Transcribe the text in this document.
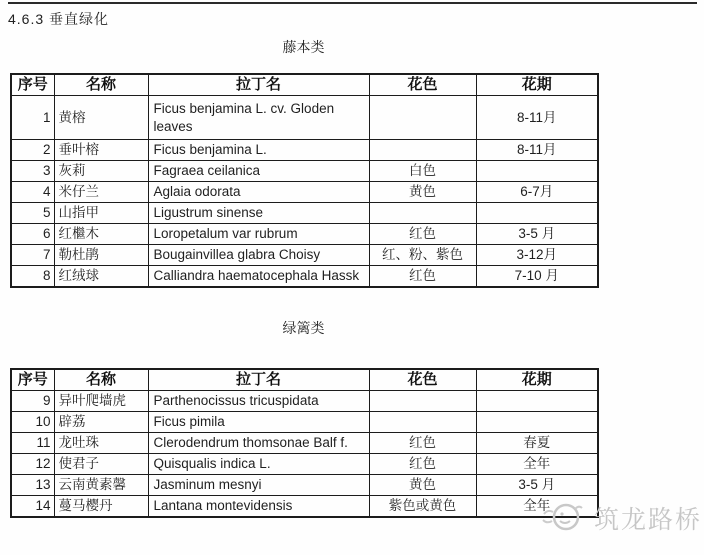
4.6.3 垂直绿化
藤本类
序号	名称	拉丁名	花色	花期
1	黄榕	Ficus benjamina L. cv. Gloden leaves		8-11月
2	垂叶榕	Ficus benjamina L.		8-11月
3	灰莉	Fagraea ceilanica	白色	
4	米仔兰	Aglaia odorata	黄色	6-7月
5	山指甲	Ligustrum sinense		
6	红檵木	Loropetalum var rubrum	红色	3-5 月
7	勒杜鹃	Bougainvillea glabra Choisy	红、粉、紫色	3-12月
8	红绒球	Calliandra haematocephala Hassk	红色	7-10 月
绿篱类
序号	名称	拉丁名	花色	花期
9	异叶爬墙虎	Parthenocissus tricuspidata		
10	辟荔	Ficus pimila		
11	龙吐珠	Clerodendrum thomsonae Balf f.	红色	春夏
12	使君子	Quisqualis indica L.	红色	全年
13	云南黄素馨	Jasminum mesnyi	黄色	3-5 月
14	蔓马樱丹	Lantana montevidensis	紫色或黄色	全年
筑龙路桥
